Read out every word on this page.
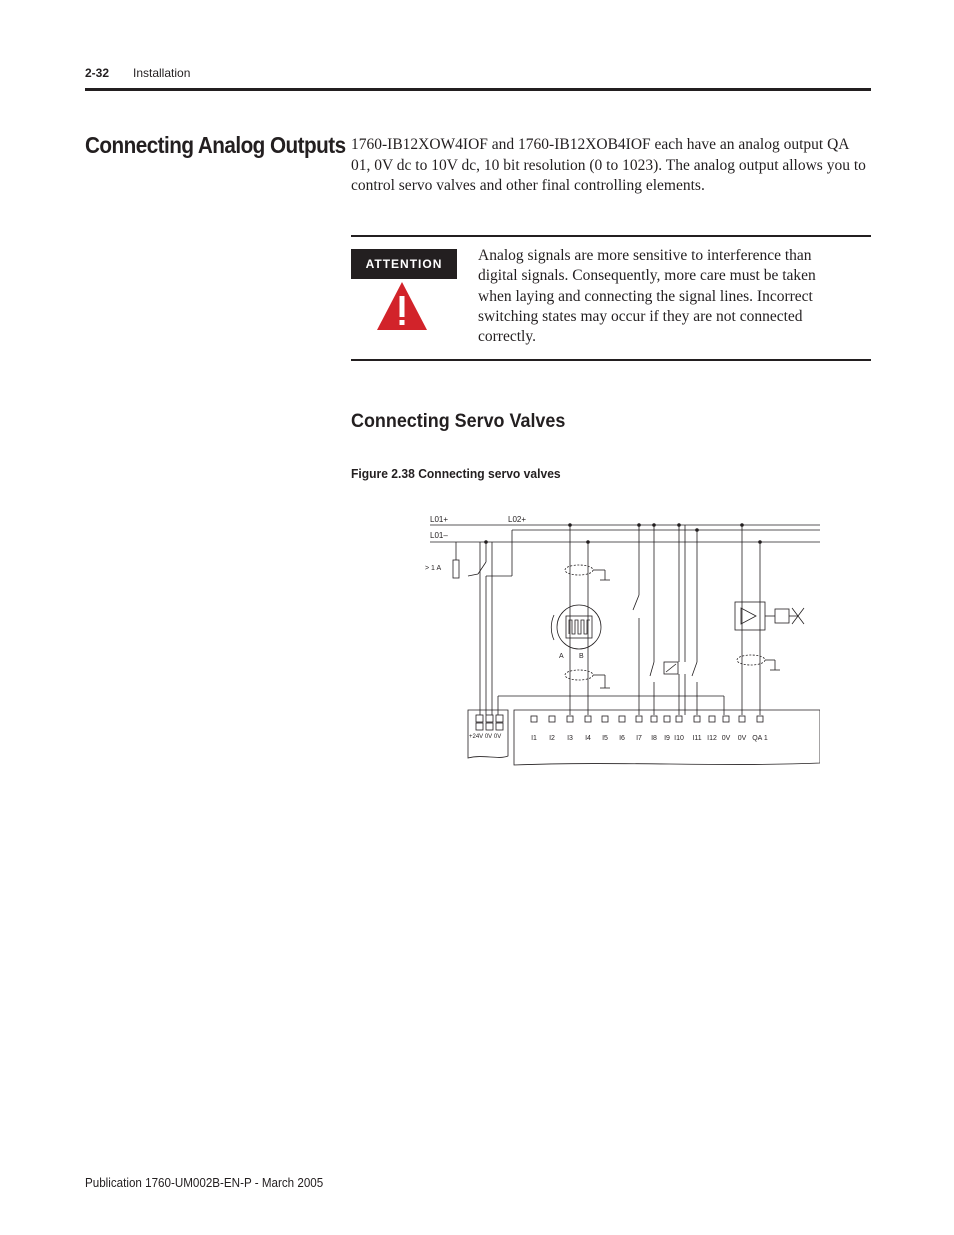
2-32 Installation
Connecting Analog Outputs 1760-IB12XOW4IOF and 1760-IB12XOB4IOF each have an analog output QA 01, 0V dc to 10V dc, 10 bit resolution (0 to 1023). The analog output allows you to control servo valves and other final controlling elements.
ATTENTION	Analog signals are more sensitive to interference than digital signals. Consequently, more care must be taken when laying and connecting the signal lines. Incorrect switching states may occur if they are not connected correctly.
Connecting Servo Valves
Figure 2.38 Connecting servo valves
L01+
L01–
L02+
> 1 A
A B
+24V 0V 0V	I1 I2 I3 I4 I5 I6 I7 I8 I9 I10 I11 I12 0V 0V QA 1
Publication 1760-UM002B-EN-P - March 2005
